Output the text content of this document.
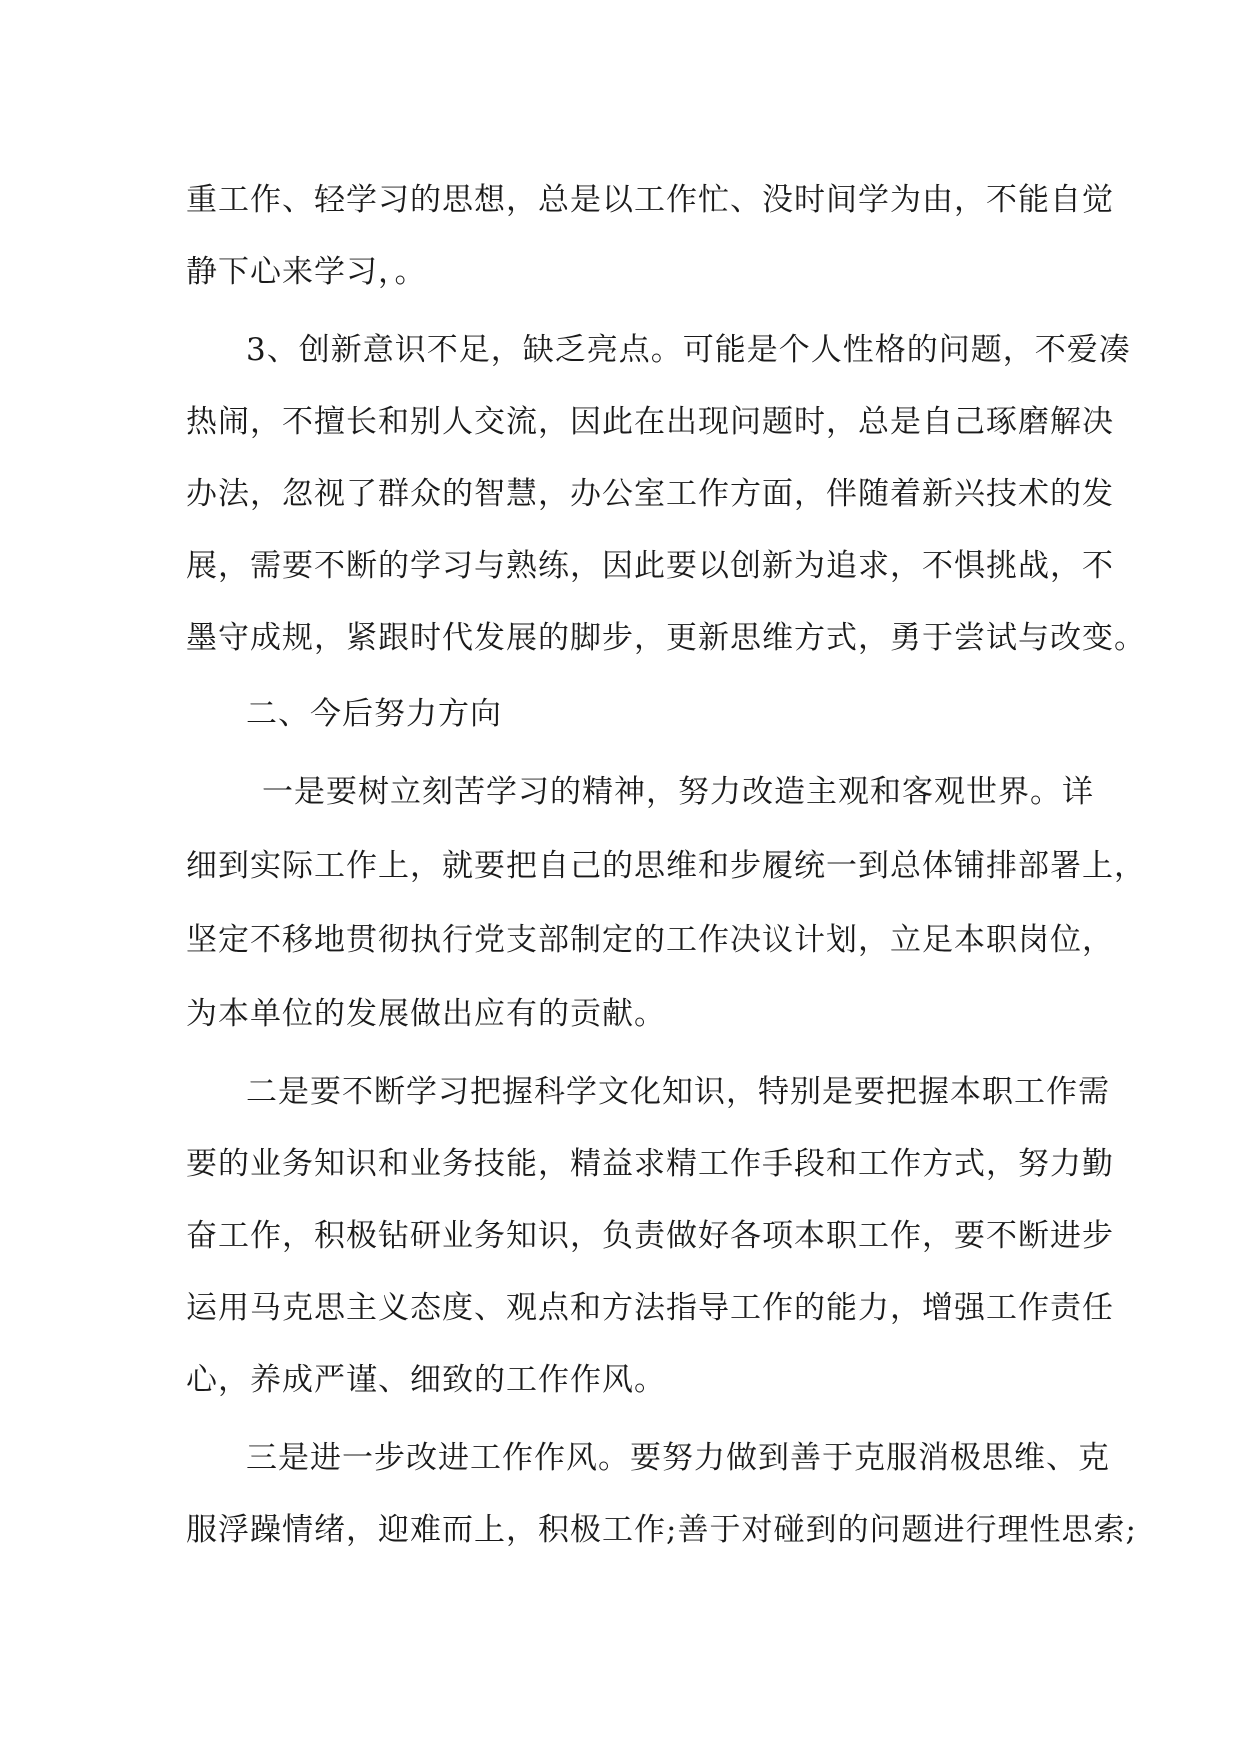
重工作、轻学习的思想，总是以工作忙、没时间学为由，不能自觉

静下心来学习，。

3、创新意识不足，缺乏亮点。可能是个人性格的问题，不爱凑

热闹，不擅长和别人交流，因此在出现问题时，总是自己琢磨解决

办法，忽视了群众的智慧，办公室工作方面，伴随着新兴技术的发

展，需要不断的学习与熟练，因此要以创新为追求，不惧挑战，不

墨守成规，紧跟时代发展的脚步，更新思维方式，勇于尝试与改变。

二、今后努力方向

一是要树立刻苦学习的精神，努力改造主观和客观世界。详

细到实际工作上，就要把自己的思维和步履统一到总体铺排部署上，

坚定不移地贯彻执行党支部制定的工作决议计划，立足本职岗位，

为本单位的发展做出应有的贡献。

二是要不断学习把握科学文化知识，特别是要把握本职工作需

要的业务知识和业务技能，精益求精工作手段和工作方式，努力勤

奋工作，积极钻研业务知识，负责做好各项本职工作，要不断进步

运用马克思主义态度、观点和方法指导工作的能力，增强工作责任

心，养成严谨、细致的工作作风。

三是进一步改进工作作风。要努力做到善于克服消极思维、克

服浮躁情绪，迎难而上，积极工作;善于对碰到的问题进行理性思索;
